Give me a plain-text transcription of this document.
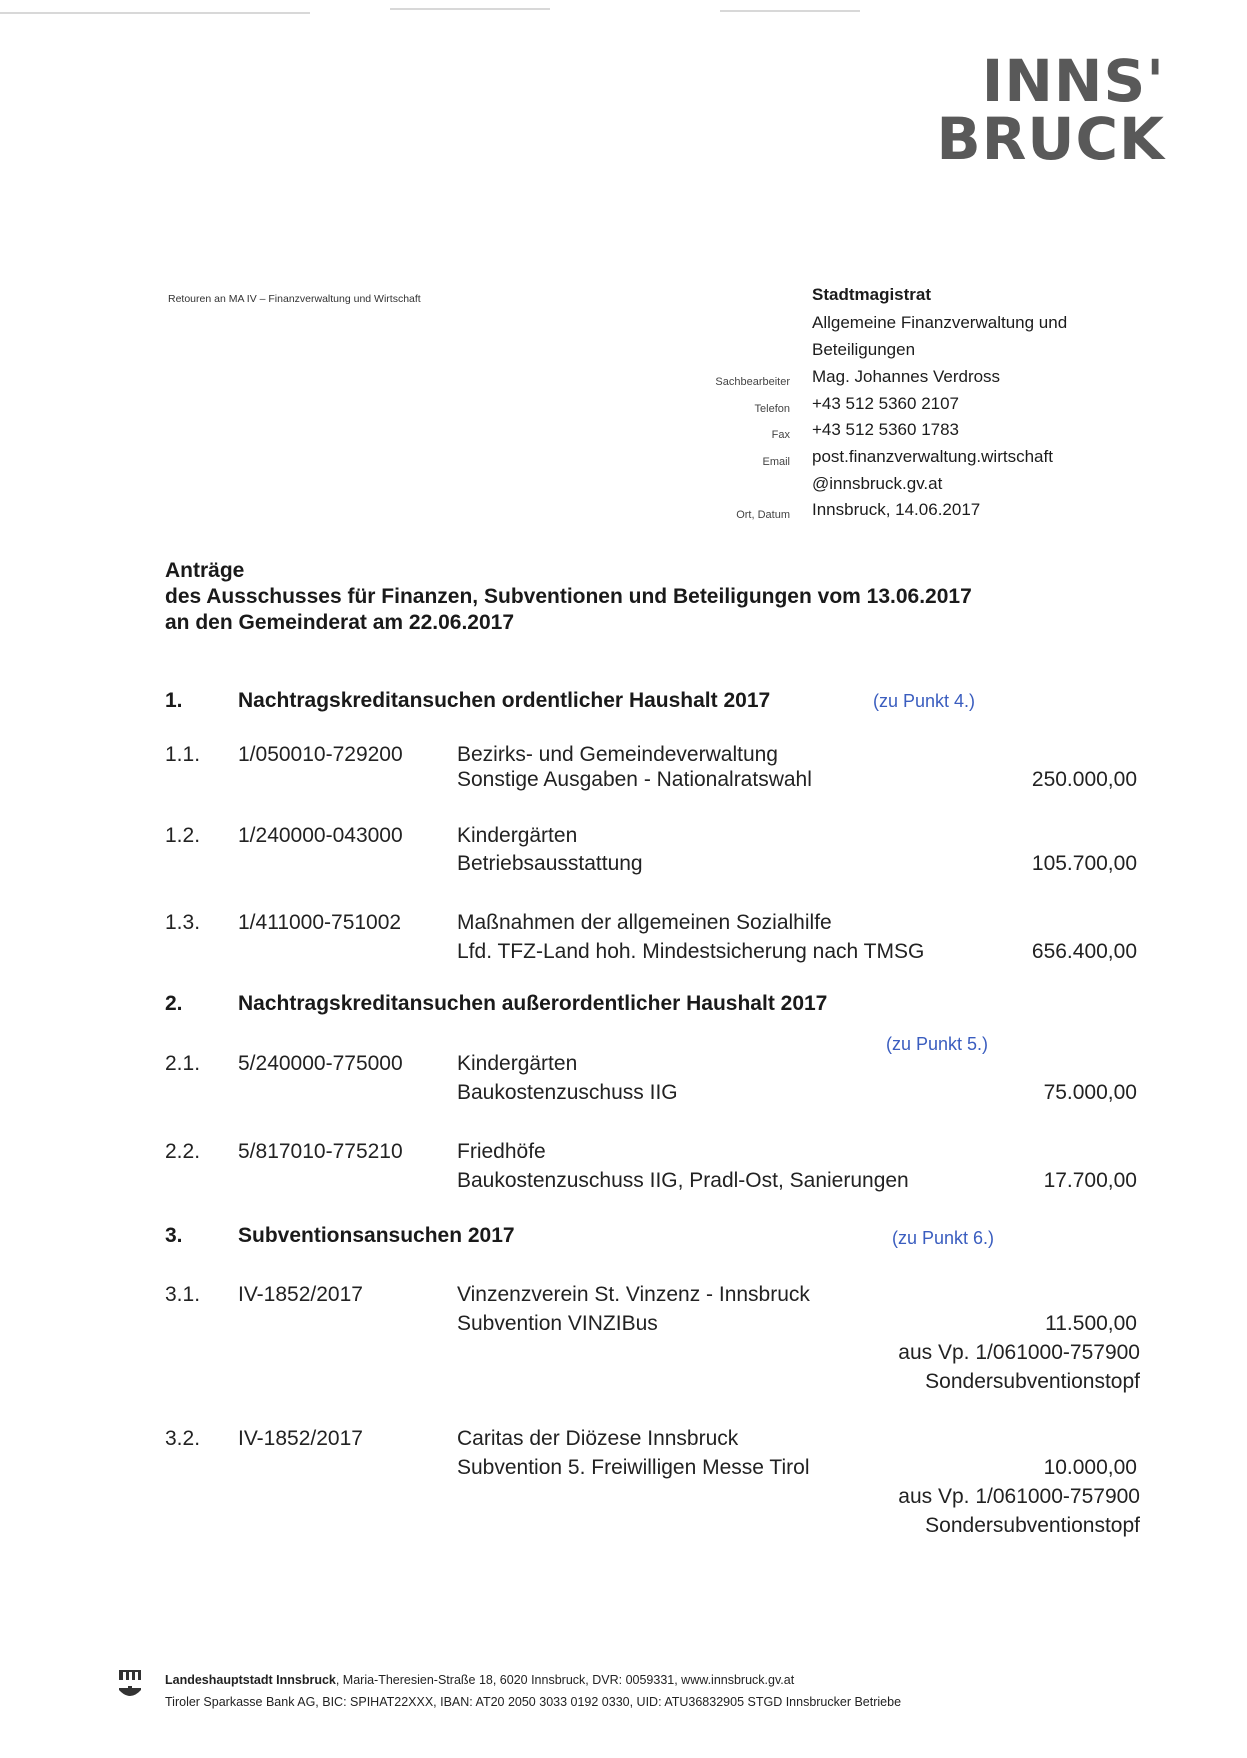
INNS'
BRUCK
Retouren an MA IV – Finanzverwaltung und Wirtschaft	Stadtmagistrat
Allgemeine Finanzverwaltung und
Beteiligungen
Sachbearbeiter Mag. Johannes Verdross
Telefon +43 512 5360 2107
Fax +43 512 5360 1783
Email post.finanzverwaltung.wirtschaft
@innsbruck.gv.at
Ort, Datum Innsbruck, 14.06.2017
Anträge
des Ausschusses für Finanzen, Subventionen und Beteiligungen vom 13.06.2017
an den Gemeinderat am 22.06.2017
1.	Nachtragskreditansuchen ordentlicher Haushalt 2017	(zu Punkt 4.)
1.1. 1/050010-729200	Bezirks- und Gemeindeverwaltung
Sonstige Ausgaben - Nationalratswahl	250.000,00
1.2. 1/240000-043000	Kindergärten
Betriebsausstattung	105.700,00
1.3. 1/411000-751002	Maßnahmen der allgemeinen Sozialhilfe
Lfd. TFZ-Land hoh. Mindestsicherung nach TMSG	656.400,00
2.	Nachtragskreditansuchen außerordentlicher Haushalt 2017
(zu Punkt 5.)
2.1. 5/240000-775000	Kindergärten
Baukostenzuschuss IIG	75.000,00
2.2. 5/817010-775210	Friedhöfe
Baukostenzuschuss IIG, Pradl-Ost, Sanierungen	17.700,00
3.	Subventionsansuchen 2017	(zu Punkt 6.)
3.1. IV-1852/2017	Vinzenzverein St. Vinzenz - Innsbruck
Subvention VINZIBus	11.500,00
aus Vp. 1/061000-757900
Sondersubventionstopf
3.2. IV-1852/2017	Caritas der Diözese Innsbruck
Subvention 5. Freiwilligen Messe Tirol	10.000,00
aus Vp. 1/061000-757900
Sondersubventionstopf
Landeshauptstadt Innsbruck, Maria-Theresien-Straße 18, 6020 Innsbruck, DVR: 0059331, www.innsbruck.gv.at
Tiroler Sparkasse Bank AG, BIC: SPIHAT22XXX, IBAN: AT20 2050 3033 0192 0330, UID: ATU36832905 STGD Innsbrucker Betriebe
